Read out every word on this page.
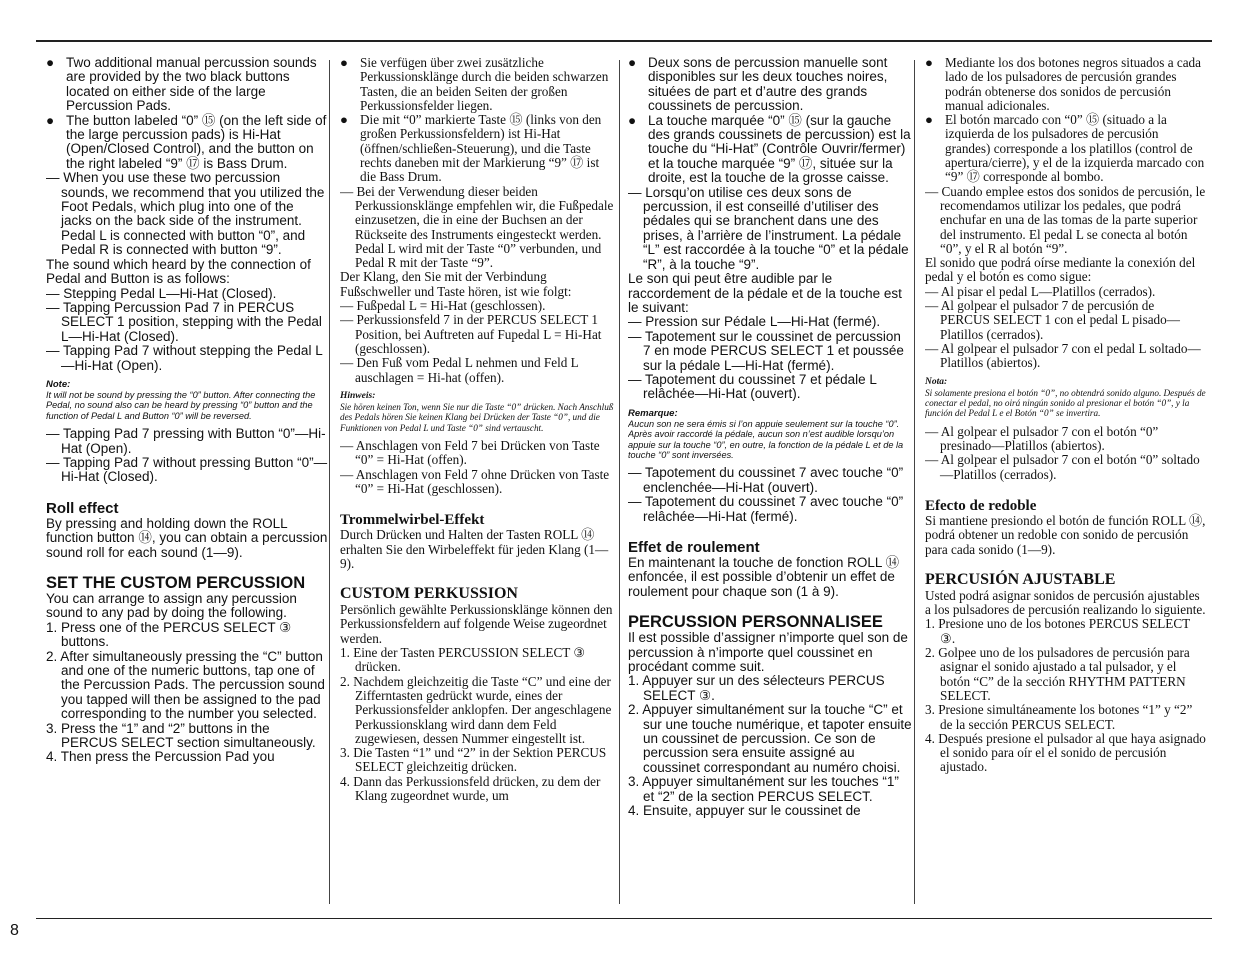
● Two additional manual percussion sounds are provided by the two black buttons located on either side of the large Percussion Pads.

● The button labeled “0” ⑮ (on the left side of the large percussion pads) is Hi-Hat (Open/Closed Control), and the button on the right labeled “9” ⑰ is Bass Drum.

— When you use these two percussion sounds, we recommend that you utilized the Foot Pedals, which plug into one of the jacks on the back side of the instrument. Pedal L is connected with button “0”, and Pedal R is connected with button “9”.

The sound which heard by the connection of Pedal and Button is as follows:

— Stepping Pedal L—Hi-Hat (Closed).

— Tapping Percussion Pad 7 in PERCUS SELECT 1 position, stepping with the Pedal L—Hi-Hat (Closed).

— Tapping Pad 7 without stepping the Pedal L—Hi-Hat (Open).

Note:

It will not be sound by pressing the “0” button. After connecting the Pedal, no sound also can be heard by pressing “0” button and the function of Pedal L and Button “0” will be reversed.

— Tapping Pad 7 pressing with Button “0”—Hi-Hat (Open).

— Tapping Pad 7 without pressing Button “0”—Hi-Hat (Closed).

Roll effect

By pressing and holding down the ROLL function button ⑭, you can obtain a percussion sound roll for each sound (1—9).

SET THE CUSTOM PERCUSSION

You can arrange to assign any percussion sound to any pad by doing the following.

1. Press one of the PERCUS SELECT ③ buttons.

2. After simultaneously pressing the “C” button and one of the numeric buttons, tap one of the Percussion Pads. The percussion sound you tapped will then be assigned to the pad corresponding to the number you selected.

3. Press the “1” and “2” buttons in the PERCUS SELECT section simultaneously.

4. Then press the Percussion Pad you

● Sie verfügen über zwei zusätzliche Perkussionsklänge durch die beiden schwarzen Tasten, die an beiden Seiten der großen Perkussionsfelder liegen.

● Die mit “0” markierte Taste ⑮ (links von den großen Perkussionsfeldern) ist Hi-Hat (öffnen/schließen-Steuerung), und die Taste rechts daneben mit der Markierung “9” ⑰ ist die Bass Drum.

— Bei der Verwendung dieser beiden Perkussionsklänge empfehlen wir, die Fußpedale einzusetzen, die in eine der Buchsen an der Rückseite des Instruments eingesteckt werden. Pedal L wird mit der Taste “0” verbunden, und Pedal R mit der Taste “9”.

Der Klang, den Sie mit der Verbindung Fußschweller und Taste hören, ist wie folgt:

— Fußpedal L = Hi-Hat (geschlossen).

— Perkussionsfeld 7 in der PERCUS SELECT 1 Position, bei Auftreten auf Fupedal L = Hi-Hat (geschlossen).

— Den Fuß vom Pedal L nehmen und Feld L auschlagen = Hi-hat (offen).

Hinweis:

Sie hören keinen Ton, wenn Sie nur die Taste “0” drücken. Nach Anschluß des Pedals hören Sie keinen Klang bei Drücken der Taste “0”, und die Funktionen von Pedal L und Taste “0” sind vertauscht.

— Anschlagen von Feld 7 bei Drücken von Taste “0” = Hi-Hat (offen).

— Anschlagen von Feld 7 ohne Drücken von Taste “0” = Hi-Hat (geschlossen).

Trommelwirbel-Effekt

Durch Drücken und Halten der Tasten ROLL ⑭ erhalten Sie den Wirbeleffekt für jeden Klang (1—9).

CUSTOM PERKUSSION

Persönlich gewählte Perkussionsklänge können den Perkussionsfeldern auf folgende Weise zugeordnet werden.

1. Eine der Tasten PERCUSSION SELECT ③ drücken.

2. Nachdem gleichzeitig die Taste “C” und eine der Zifferntasten gedrückt wurde, eines der Perkussionsfelder anklopfen. Der angeschlagene Perkussionsklang wird dann dem Feld zugewiesen, dessen Nummer eingestellt ist.

3. Die Tasten “1” und “2” in der Sektion PERCUS SELECT gleichzeitig drücken.

4. Dann das Perkussionsfeld drücken, zu dem der Klang zugeordnet wurde, um

● Deux sons de percussion manuelle sont disponibles sur les deux touches noires, situées de part et d’autre des grands coussinets de percussion.

● La touche marquée “0” ⑮ (sur la gauche des grands coussinets de percussion) est la touche du “Hi-Hat” (Contrôle Ouvrir/fermer) et la touche marquée “9” ⑰, située sur la droite, est la touche de la grosse caisse.

— Lorsqu’on utilise ces deux sons de percussion, il est conseillé d’utiliser des pédales qui se branchent dans une des prises, à l’arrière de l’instrument. La pédale “L” est raccordée à la touche “0” et la pédale “R”, à la touche “9”.

Le son qui peut être audible par le raccordement de la pédale et de la touche est le suivant:

— Pression sur Pédale L—Hi-Hat (fermé).

— Tapotement sur le coussinet de percussion 7 en mode PERCUS SELECT 1 et poussée sur la pédale L—Hi-Hat (fermé).

— Tapotement du coussinet 7 et pédale L relâchée—Hi-Hat (ouvert).

Remarque:

Aucun son ne sera émis si l’on appuie seulement sur la touche “0”. Après avoir raccordé la pédale, aucun son n’est audible lorsqu’on appuie sur la touche “0”, en outre, la fonction de la pédale L et de la touche “0” sont inversées.

— Tapotement du coussinet 7 avec touche “0” enclenchée—Hi-Hat (ouvert).

— Tapotement du coussinet 7 avec touche “0” relâchée—Hi-Hat (fermé).

Effet de roulement

En maintenant la touche de fonction ROLL ⑭ enfoncée, il est possible d’obtenir un effet de roulement pour chaque son (1 à 9).

PERCUSSION PERSONNALISEE

Il est possible d’assigner n’importe quel son de percussion à n’importe quel coussinet en procédant comme suit.

1. Appuyer sur un des sélecteurs PERCUS SELECT ③.

2. Appuyer simultanément sur la touche “C” et sur une touche numérique, et tapoter ensuite un coussinet de percussion. Ce son de percussion sera ensuite assigné au coussinet correspondant au numéro choisi.

3. Appuyer simultanément sur les touches “1” et “2” de la section PERCUS SELECT.

4. Ensuite, appuyer sur le coussinet de

● Mediante los dos botones negros situados a cada lado de los pulsadores de percusión grandes podrán obtenerse dos sonidos de percusión manual adicionales.

● El botón marcado con “0” ⑮ (situado a la izquierda de los pulsadores de percusión grandes) corresponde a los platillos (control de apertura/cierre), y el de la izquierda marcado con “9” ⑰ corresponde al bombo.

— Cuando emplee estos dos sonidos de percusión, le recomendamos utilizar los pedales, que podrá enchufar en una de las tomas de la parte superior del instrumento. El pedal L se conecta al botón “0”, y el R al botón “9”.

El sonido que podrá oírse mediante la conexión del pedal y el botón es como sigue:

— Al pisar el pedal L—Platillos (cerrados).

— Al golpear el pulsador 7 de percusión de PERCUS SELECT 1 con el pedal L pisado—Platillos (cerrados).

— Al golpear el pulsador 7 con el pedal L soltado—Platillos (abiertos).

Nota:

Si solamente presiona el botón “0”, no obtendrá sonido alguno. Después de conectar el pedal, no oirá ningún sonido al presionar el botón “0”, y la función del Pedal L e el Botón “0” se invertira.

— Al golpear el pulsador 7 con el botón “0” presinado—Platillos (abiertos).

— Al golpear el pulsador 7 con el botón “0” soltado—Platillos (cerrados).

Efecto de redoble

Si mantiene presiondo el botón de función ROLL ⑭, podrá obtener un redoble con sonido de percusión para cada sonido (1—9).

PERCUSIÓN AJUSTABLE

Usted podrá asignar sonidos de percusión ajustables a los pulsadores de percusión realizando lo siguiente.

1. Presione uno de los botones PERCUS SELECT ③.

2. Golpee uno de los pulsadores de percusión para asignar el sonido ajustado a tal pulsador, y el botón “C” de la sección RHYTHM PATTERN SELECT.

3. Presione simultáneamente los botones “1” y “2” de la sección PERCUS SELECT.

4. Después presione el pulsador al que haya asignado el sonido para oír el el sonido de percusión ajustado.

8
